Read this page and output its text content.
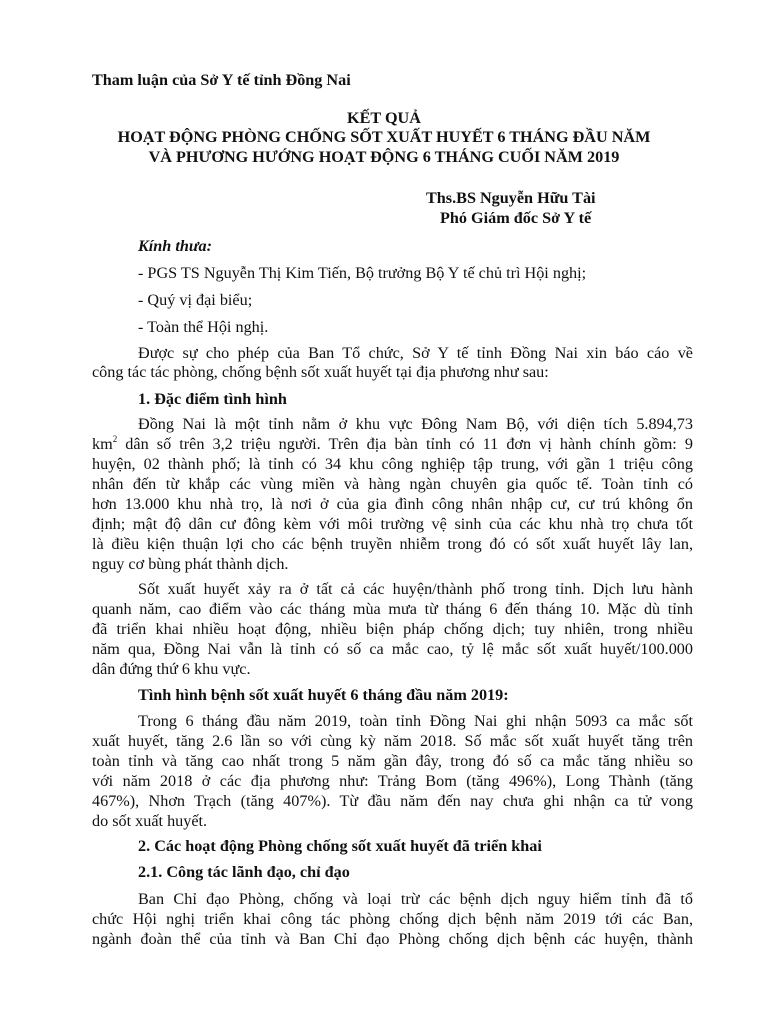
Tham luận của Sở Y tế tỉnh Đồng Nai
KẾT QUẢ
HOẠT ĐỘNG PHÒNG CHỐNG SỐT XUẤT HUYẾT 6 THÁNG ĐẦU NĂM
VÀ PHƯƠNG HƯỚNG HOẠT ĐỘNG 6 THÁNG CUỐI NĂM 2019
Ths.BS Nguyễn Hữu Tài
Phó Giám đốc Sở Y tế
Kính thưa:
- PGS TS Nguyễn Thị Kim Tiến, Bộ trưởng Bộ Y tế chủ trì Hội nghị;
- Quý vị đại biểu;
- Toàn thể Hội nghị.
Được sự cho phép của Ban Tổ chức, Sở Y tế tỉnh Đồng Nai xin báo cáo về
công tác tác phòng, chống bệnh sốt xuất huyết tại địa phương như sau:
1. Đặc điểm tình hình
Đồng Nai là một tỉnh nằm ở khu vực Đông Nam Bộ, với diện tích 5.894,73
$km^2$ dân số trên 3,2 triệu người. Trên địa bàn tỉnh có 11 đơn vị hành chính gồm: 9
huyện, 02 thành phố; là tỉnh có 34 khu công nghiệp tập trung, với gần 1 triệu công
nhân đến từ khắp các vùng miền và hàng ngàn chuyên gia quốc tế. Toàn tỉnh có
hơn 13.000 khu nhà trọ, là nơi ở của gia đình công nhân nhập cư, cư trú không ổn
định; mật độ dân cư đông kèm với môi trường vệ sinh của các khu nhà trọ chưa tốt
là điều kiện thuận lợi cho các bệnh truyền nhiễm trong đó có sốt xuất huyết lây lan,
nguy cơ bùng phát thành dịch.
Sốt xuất huyết xảy ra ở tất cả các huyện/thành phố trong tỉnh. Dịch lưu hành
quanh năm, cao điểm vào các tháng mùa mưa từ tháng 6 đến tháng 10. Mặc dù tỉnh
đã triển khai nhiều hoạt động, nhiều biện pháp chống dịch; tuy nhiên, trong nhiều
năm qua, Đồng Nai vẫn là tỉnh có số ca mắc cao, tỷ lệ mắc sốt xuất huyết/100.000
dân đứng thứ 6 khu vực.
Tình hình bệnh sốt xuất huyết 6 tháng đầu năm 2019:
Trong 6 tháng đầu năm 2019, toàn tỉnh Đồng Nai ghi nhận 5093 ca mắc sốt
xuất huyết, tăng 2.6 lần so với cùng kỳ năm 2018. Số mắc sốt xuất huyết tăng trên
toàn tỉnh và tăng cao nhất trong 5 năm gần đây, trong đó số ca mắc tăng nhiều so
với năm 2018 ở các địa phương như: Trảng Bom (tăng 496%), Long Thành (tăng
467%), Nhơn Trạch (tăng 407%). Từ đầu năm đến nay chưa ghi nhận ca tử vong
do sốt xuất huyết.
2. Các hoạt động Phòng chống sốt xuất huyết đã triển khai
2.1. Công tác lãnh đạo, chỉ đạo
Ban Chỉ đạo Phòng, chống và loại trừ các bệnh dịch nguy hiểm tỉnh đã tổ
chức Hội nghị triển khai công tác phòng chống dịch bệnh năm 2019 tới các Ban,
ngành đoàn thể của tỉnh và Ban Chỉ đạo Phòng chống dịch bệnh các huyện, thành
